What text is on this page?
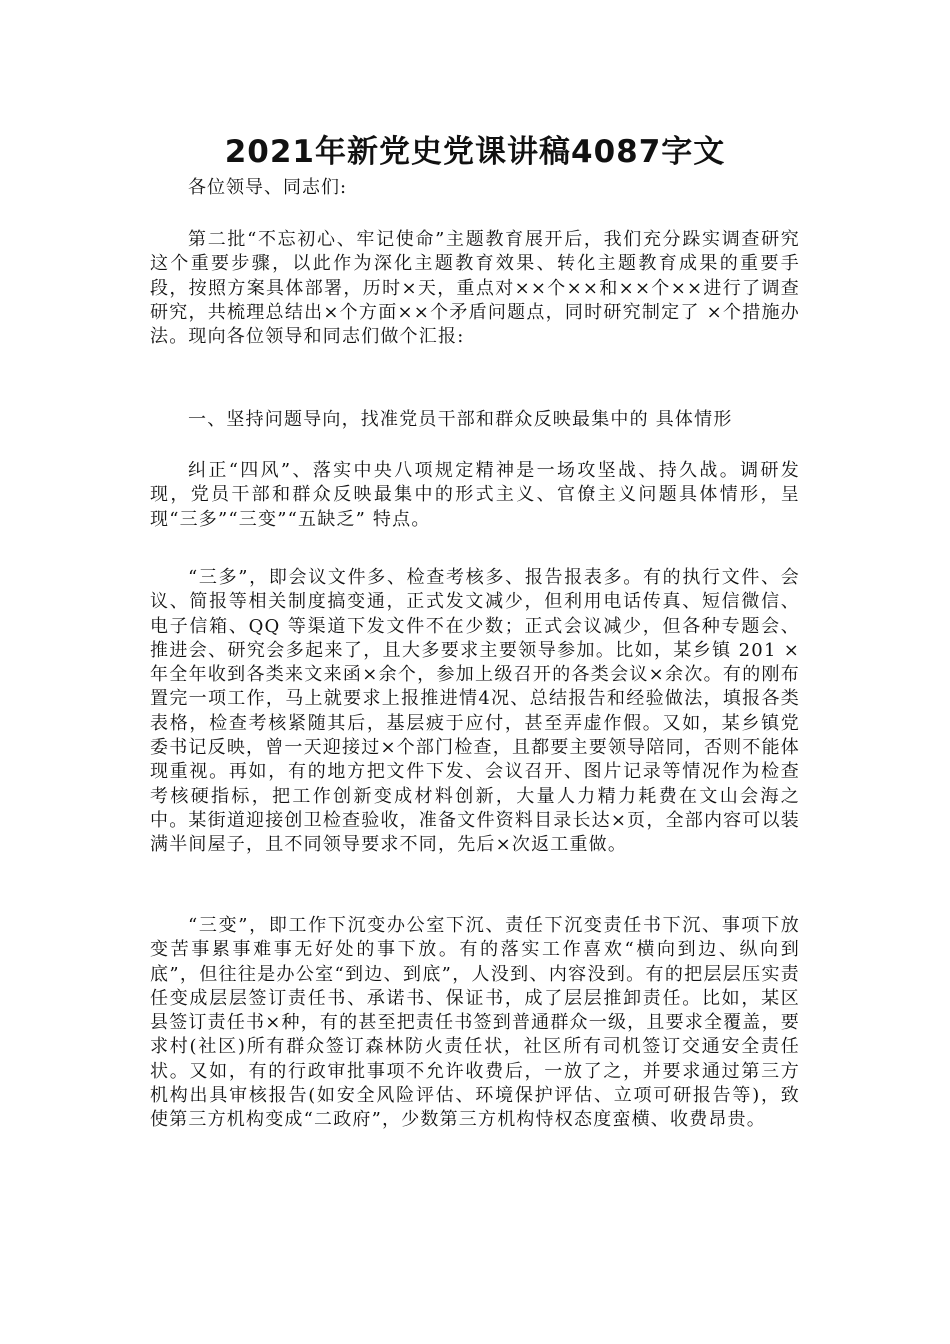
2021年新党史党课讲稿4087字文

各位领导、同志们:

第二批“不忘初心、牢记使命”主题教育展开后，我们充分跺实调查研究这个重要步骤，以此作为深化主题教育效果、转化主题教育成果的重要手段，按照方案具体部署，历时×天，重点对××个××和××个××进行了调查研究，共梳理总结出×个方面××个矛盾问题点，同时研究制定了 ×个措施办法。现向各位领导和同志们做个汇报:

一、坚持问题导向，找准党员干部和群众反映最集中的 具体情形

纠正“四风”、落实中央八项规定精神是一场攻坚战、持久战。调研发现，党员干部和群众反映最集中的形式主义、官僚主义问题具体情形，呈现“三多”“三变”“五缺乏” 特点。

“三多”，即会议文件多、检查考核多、报告报表多。有的执行文件、会议、简报等相关制度搞变通，正式发文减少，但利用电话传真、短信微信、电子信箱、QQ 等渠道下发文件不在少数；正式会议减少，但各种专题会、推进会、研究会多起来了，且大多要求主要领导参加。比如，某乡镇 201 ×年全年收到各类来文来函×余个，参加上级召开的各类会议×余次。有的刚布置完一项工作，马上就要求上报推进情4况、总结报告和经验做法，填报各类表格，检查考核紧随其后，基层疲于应付，甚至弄虚作假。又如，某乡镇党委书记反映，曾一天迎接过×个部门检查，且都要主要领导陪同，否则不能体现重视。再如，有的地方把文件下发、会议召开、图片记录等情况作为检查考核硬指标，把工作创新变成材料创新，大量人力精力耗费在文山会海之中。某街道迎接创卫检查验收，准备文件资料目录长达×页，全部内容可以装满半间屋子，且不同领导要求不同，先后×次返工重做。

“三变”，即工作下沉变办公室下沉、责任下沉变责任书下沉、事项下放变苦事累事难事无好处的事下放。有的落实工作喜欢“横向到边、纵向到底”，但往往是办公室“到边、到底”，人没到、内容没到。有的把层层压实责任变成层层签订责任书、承诺书、保证书，成了层层推卸责任。比如，某区县签订责任书×种，有的甚至把责任书签到普通群众一级，且要求全覆盖，要求村(社区)所有群众签订森林防火责任状，社区所有司机签订交通安全责任状。又如，有的行政审批事项不允许收费后，一放了之，并要求通过第三方机构出具审核报告(如安全风险评估、环境保护评估、立项可研报告等)，致使第三方机构变成“二政府”，少数第三方机构恃权态度蛮横、收费昂贵。
